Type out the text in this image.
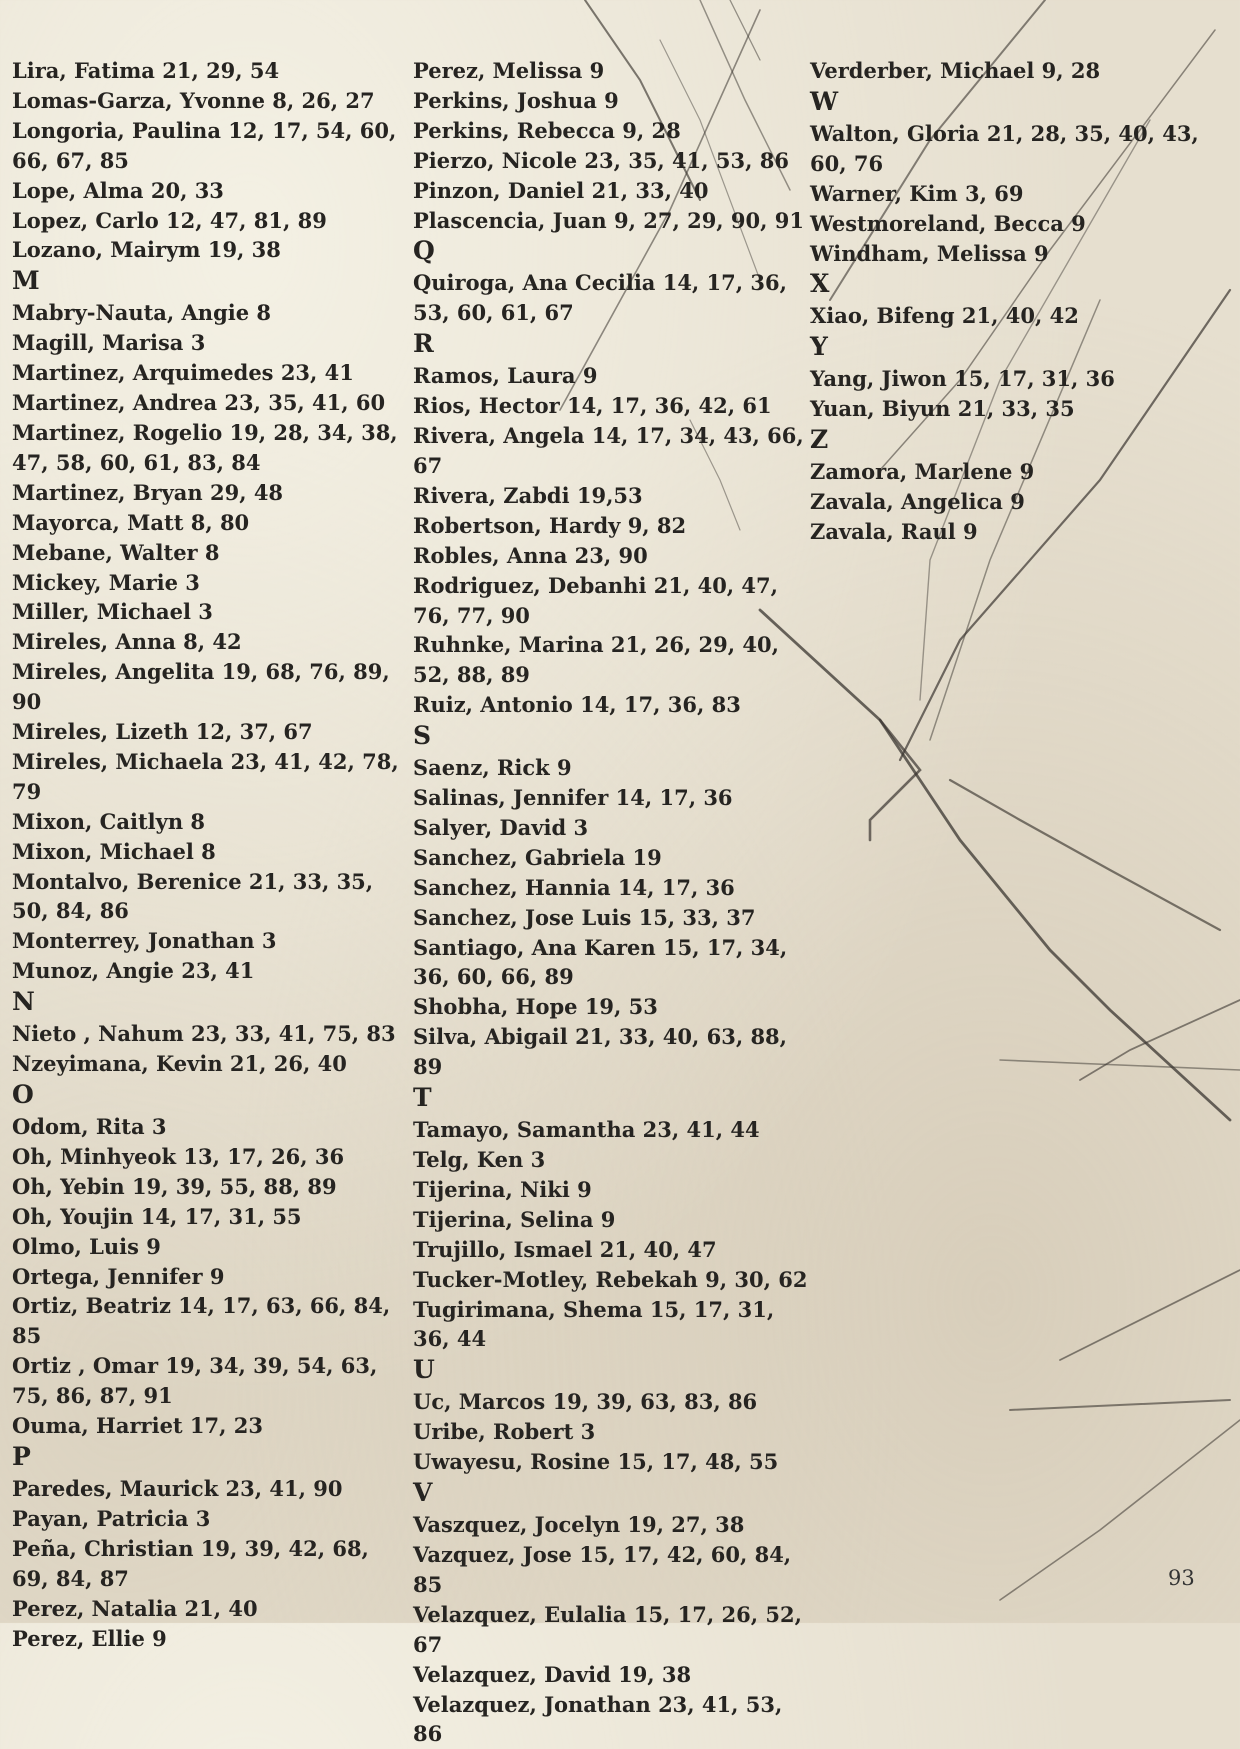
Lira, Fatima 21, 29, 54
Lomas-Garza, Yvonne 8, 26, 27
Longoria, Paulina 12, 17, 54, 60, 66, 67, 85
Lope, Alma 20, 33
Lopez, Carlo 12, 47, 81, 89
Lozano, Mairym 19, 38
M
Mabry-Nauta, Angie 8
Magill, Marisa 3
Martinez, Arquimedes 23, 41
Martinez, Andrea 23, 35, 41, 60
Martinez, Rogelio 19, 28, 34, 38, 47, 58, 60, 61, 83, 84
Martinez, Bryan 29, 48
Mayorca, Matt 8, 80
Mebane, Walter 8
Mickey, Marie 3
Miller, Michael 3
Mireles, Anna 8, 42
Mireles, Angelita 19, 68, 76, 89, 90
Mireles, Lizeth 12, 37, 67
Mireles, Michaela 23, 41, 42, 78, 79
Mixon, Caitlyn 8
Mixon, Michael 8
Montalvo, Berenice 21, 33, 35, 50, 84, 86
Monterrey, Jonathan 3
Munoz, Angie 23, 41
N
Nieto , Nahum 23, 33, 41, 75, 83
Nzeyimana, Kevin 21, 26, 40
O
Odom, Rita 3
Oh, Minhyeok 13, 17, 26, 36
Oh, Yebin 19, 39, 55, 88, 89
Oh, Youjin 14, 17, 31, 55
Olmo, Luis 9
Ortega, Jennifer 9
Ortiz, Beatriz 14, 17, 63, 66, 84, 85
Ortiz , Omar 19, 34, 39, 54, 63, 75, 86, 87, 91
Ouma, Harriet 17, 23
P
Paredes, Maurick 23, 41, 90
Payan, Patricia 3
Peña, Christian 19, 39, 42, 68, 69, 84, 87
Perez, Natalia 21, 40
Perez, Ellie 9
Perez, Melissa 9
Perkins, Joshua 9
Perkins, Rebecca 9, 28
Pierzo, Nicole 23, 35, 41, 53, 86
Pinzon, Daniel 21, 33, 40
Plascencia, Juan 9, 27, 29, 90, 91
Q
Quiroga, Ana Cecilia 14, 17, 36, 53, 60, 61, 67
R
Ramos, Laura 9
Rios, Hector 14, 17, 36, 42, 61
Rivera, Angela 14, 17, 34, 43, 66, 67
Rivera, Zabdi 19,53
Robertson, Hardy 9, 82
Robles, Anna 23, 90
Rodriguez, Debanhi 21, 40, 47, 76, 77, 90
Ruhnke, Marina 21, 26, 29, 40, 52, 88, 89
Ruiz, Antonio 14, 17, 36, 83
S
Saenz, Rick 9
Salinas, Jennifer 14, 17, 36
Salyer, David 3
Sanchez, Gabriela 19
Sanchez, Hannia 14, 17, 36
Sanchez, Jose Luis 15, 33, 37
Santiago, Ana Karen 15, 17, 34, 36, 60, 66, 89
Shobha, Hope 19, 53
Silva, Abigail 21, 33, 40, 63, 88, 89
T
Tamayo, Samantha 23, 41, 44
Telg, Ken 3
Tijerina, Niki 9
Tijerina, Selina 9
Trujillo, Ismael 21, 40, 47
Tucker-Motley, Rebekah 9, 30, 62
Tugirimana, Shema 15, 17, 31, 36, 44
U
Uc, Marcos 19, 39, 63, 83, 86
Uribe, Robert 3
Uwayesu, Rosine 15, 17, 48, 55
V
Vaszquez, Jocelyn 19, 27, 38
Vazquez, Jose 15, 17, 42, 60, 84, 85
Velazquez, Eulalia 15, 17, 26, 52, 67
Velazquez, David 19, 38
Velazquez, Jonathan 23, 41, 53, 86
Verderber, Michael 9, 28
W
Walton, Gloria 21, 28, 35, 40, 43, 60, 76
Warner, Kim 3, 69
Westmoreland, Becca 9
Windham, Melissa 9
X
Xiao, Bifeng 21, 40, 42
Y
Yang, Jiwon 15, 17, 31, 36
Yuan, Biyun 21, 33, 35
Z
Zamora, Marlene 9
Zavala, Angelica 9
Zavala, Raul 9
93
